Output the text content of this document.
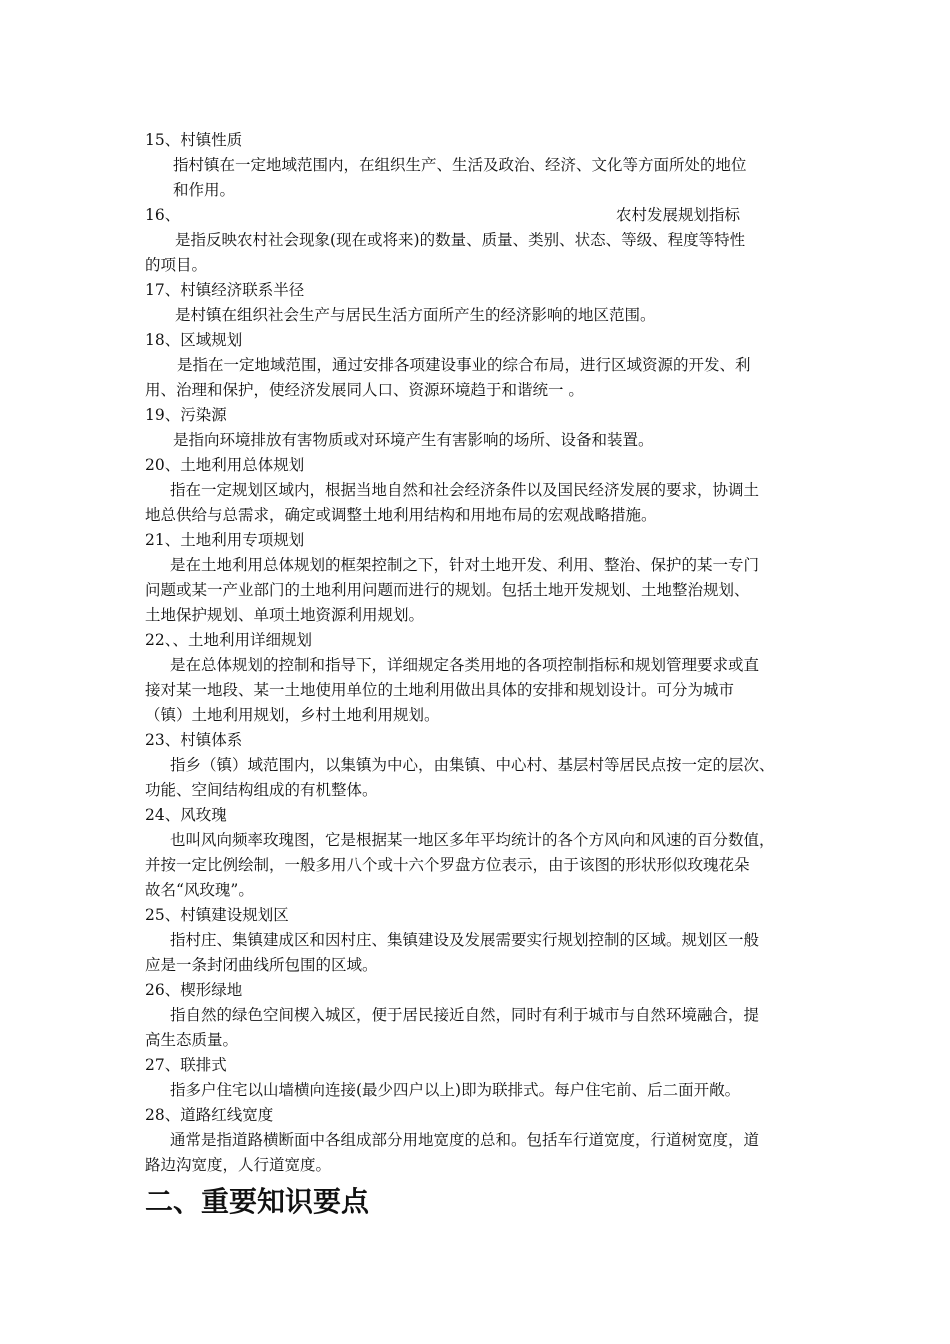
15、村镇性质
指村镇在一定地域范围内，在组织生产、生活及政治、经济、文化等方面所处的地位
和作用。
16、	农村发展规划指标
是指反映农村社会现象(现在或将来)的数量、质量、类别、状态、等级、程度等特性
的项目。
17、村镇经济联系半径
是村镇在组织社会生产与居民生活方面所产生的经济影响的地区范围。
18、区域规划
是指在一定地域范围，通过安排各项建设事业的综合布局，进行区域资源的开发、利
用、治理和保护，使经济发展同人口、资源环境趋于和谐统一 。
19、污染源
是指向环境排放有害物质或对环境产生有害影响的场所、设备和装置。
20、土地利用总体规划
指在一定规划区域内，根据当地自然和社会经济条件以及国民经济发展的要求，协调土
地总供给与总需求，确定或调整土地利用结构和用地布局的宏观战略措施。
21、土地利用专项规划
是在土地利用总体规划的框架控制之下，针对土地开发、利用、整治、保护的某一专门
问题或某一产业部门的土地利用问题而进行的规划。包括土地开发规划、土地整治规划、
土地保护规划、单项土地资源利用规划。
22、、土地利用详细规划
是在总体规划的控制和指导下，详细规定各类用地的各项控制指标和规划管理要求或直
接对某一地段、某一土地使用单位的土地利用做出具体的安排和规划设计。可分为城市
（镇）土地利用规划，乡村土地利用规划。
23、村镇体系
指乡（镇）域范围内，以集镇为中心，由集镇、中心村、基层村等居民点按一定的层次、
功能、空间结构组成的有机整体。
24、风玫瑰
也叫风向频率玫瑰图，它是根据某一地区多年平均统计的各个方风向和风速的百分数值，
并按一定比例绘制，一般多用八个或十六个罗盘方位表示，由于该图的形状形似玫瑰花朵
故名“风玫瑰”。
25、村镇建设规划区
指村庄、集镇建成区和因村庄、集镇建设及发展需要实行规划控制的区域。规划区一般
应是一条封闭曲线所包围的区域。
26、楔形绿地
指自然的绿色空间楔入城区，便于居民接近自然，同时有利于城市与自然环境融合，提
高生态质量。
27、联排式
指多户住宅以山墙横向连接(最少四户以上)即为联排式。每户住宅前、后二面开敞。
28、道路红线宽度
通常是指道路横断面中各组成部分用地宽度的总和。包括车行道宽度，行道树宽度，道
路边沟宽度，人行道宽度。
二、重要知识要点
